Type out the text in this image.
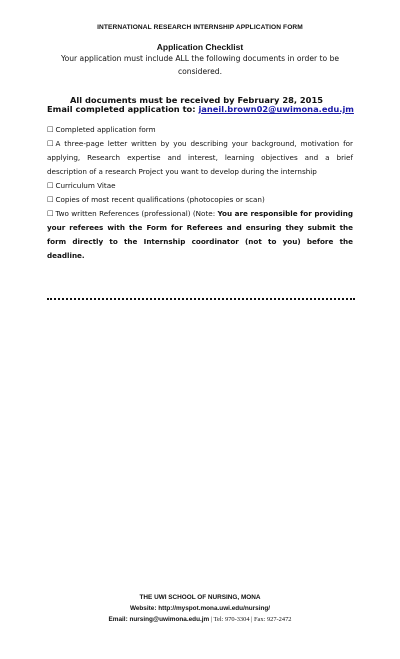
INTERNATIONAL RESEARCH INTERNSHIP APPLICATION FORM
Application Checklist
Your application must include ALL the following documents in order to be considered.
All documents must be received by February 28, 2015
Email completed application to: janeil.brown02@uwimona.edu.jm
☐ Completed application form
☐ A three-page letter written by you describing your background, motivation for applying, Research expertise and interest, learning objectives and a brief description of a research Project you want to develop during the internship
☐ Curriculum Vitae
☐ Copies of most recent qualifications (photocopies or scan)
☐ Two written References (professional) (Note: You are responsible for providing your referees with the Form for Referees and ensuring they submit the form directly to the Internship coordinator (not to you) before the deadline.
THE UWI SCHOOL OF NURSING, MONA
Website: http://myspot.mona.uwi.edu/nursing/
Email: nursing@uwimona.edu.jm | Tel: 970-3304 | Fax: 927-2472
